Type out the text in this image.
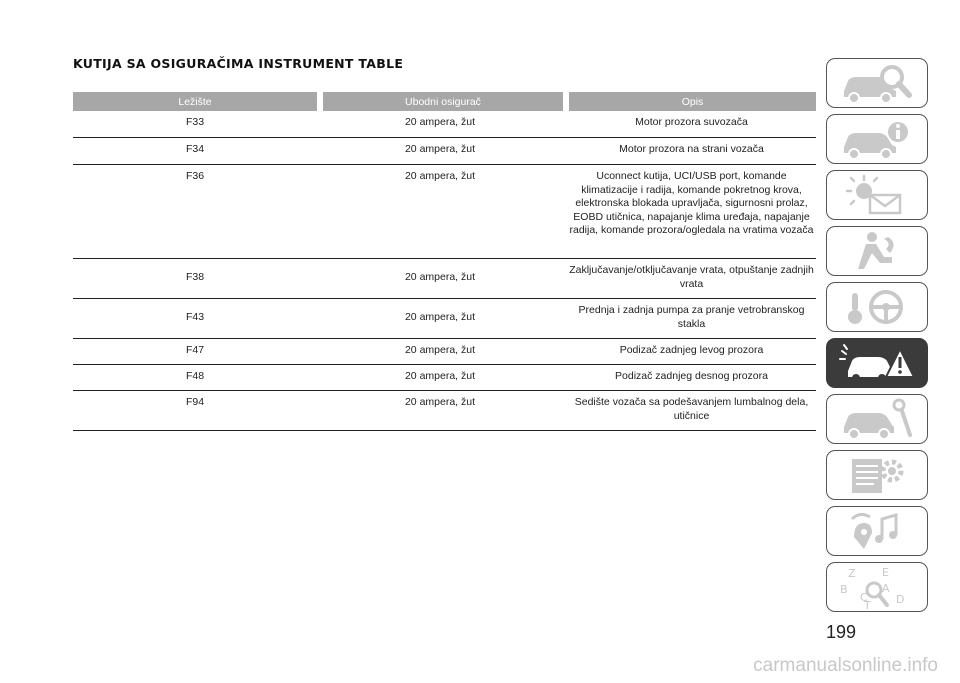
KUTIJA SA OSIGURAČIMA INSTRUMENT TABLE
Ležište	Ubodni osigurač	Opis
F33	20 ampera, žut	Motor prozora suvozača
F34	20 ampera, žut	Motor prozora na strani vozača
F36	20 ampera, žut	Uconnect kutija, UCI/USB port, komande klimatizacije i radija, komande pokretnog krova, elektronska blokada upravljača, sigurnosni prolaz, EOBD utičnica, napajanje klima uređaja, napajanje radija, komande prozora/ogledala na vratima vozača
F38	20 ampera, žut	Zaključavanje/otključavanje vrata, otpuštanje zadnjih vrata
F43	20 ampera, žut	Prednja i zadnja pumpa za pranje vetrobranskog stakla
F47	20 ampera, žut	Podizač zadnjeg levog prozora
F48	20 ampera, žut	Podizač zadnjeg desnog prozora
F94	20 ampera, žut	Sedište vozača sa podešavanjem lumbalnog dela, utičnice
Z E
B	A
C	D
T
199
carmanualsonline.info
